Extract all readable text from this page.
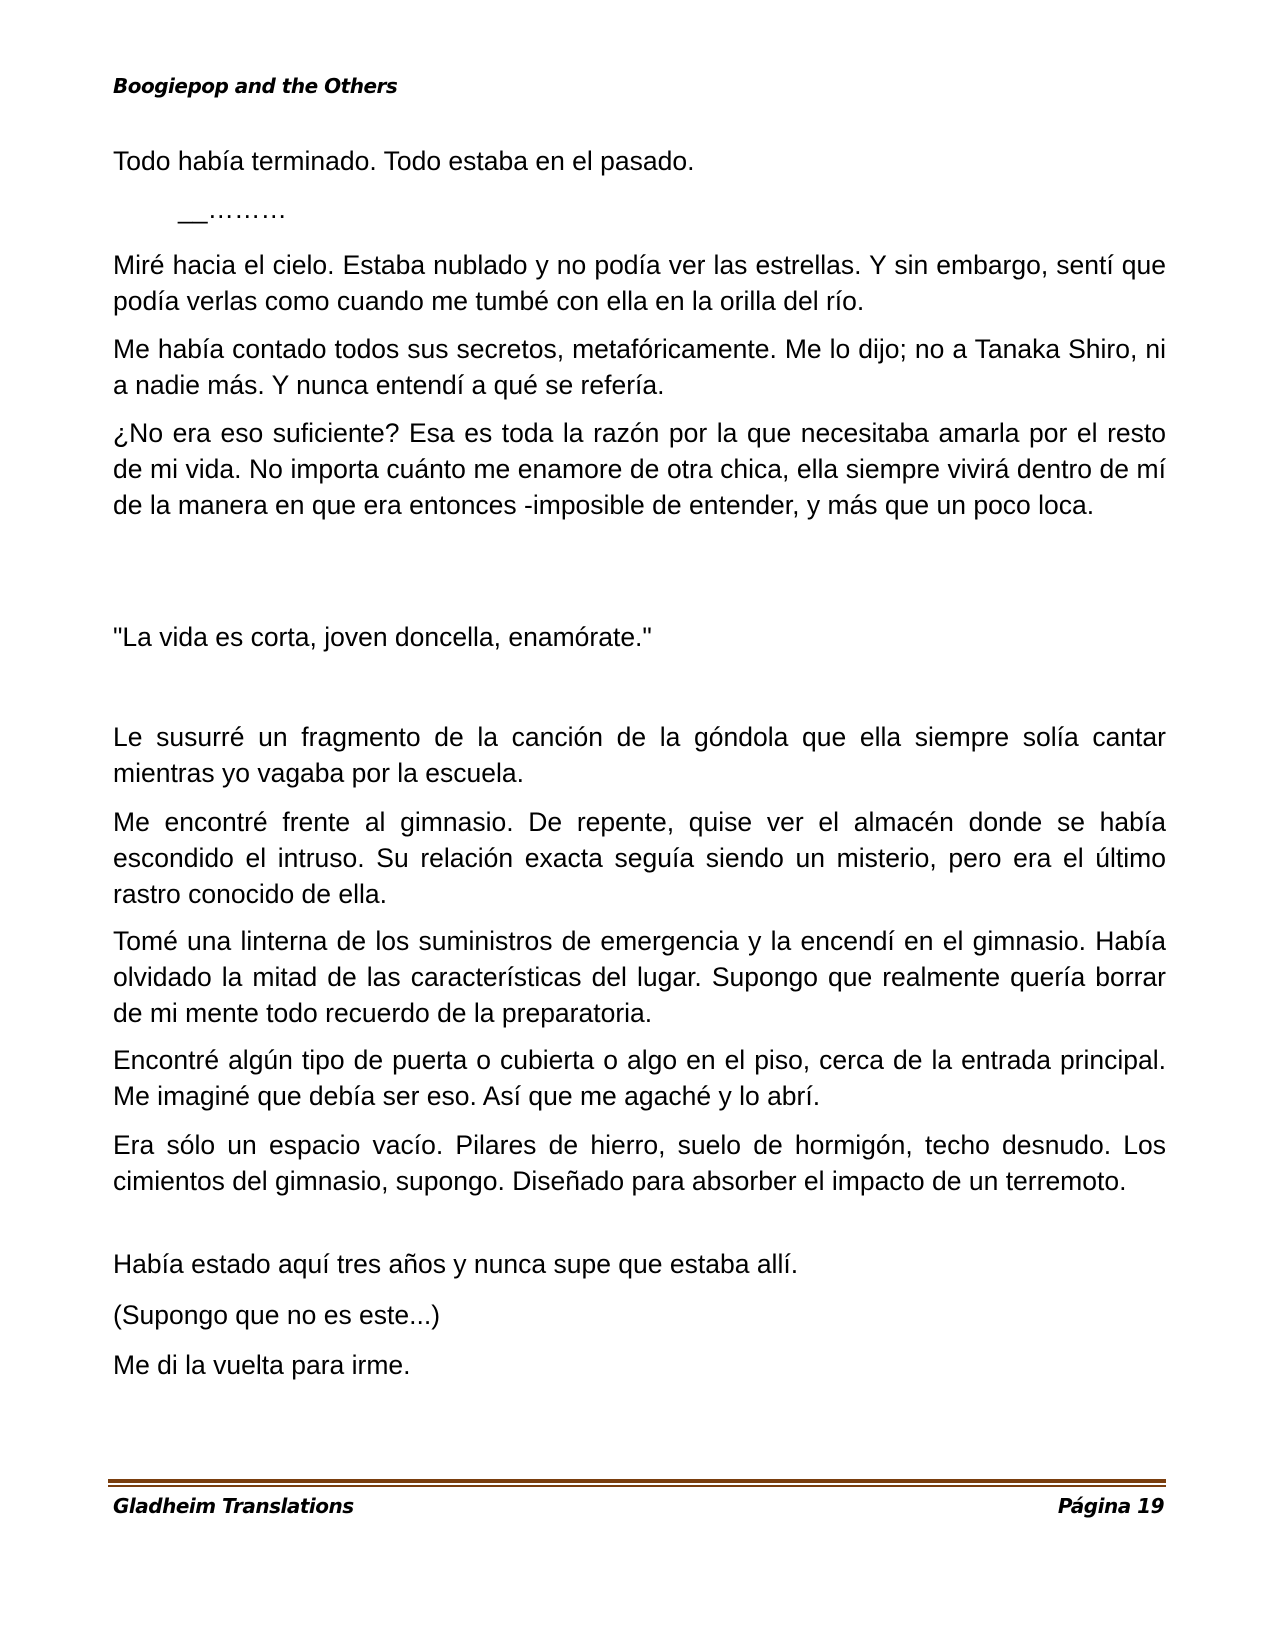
Boogiepop and the Others
Todo había terminado. Todo estaba en el pasado.
__………
Miré hacia el cielo. Estaba nublado y no podía ver las estrellas. Y sin embargo, sentí que podía verlas como cuando me tumbé con ella en la orilla del río.
Me había contado todos sus secretos, metafóricamente. Me lo dijo; no a Tanaka Shiro, ni a nadie más. Y nunca entendí a qué se refería.
¿No era eso suficiente? Esa es toda la razón por la que necesitaba amarla por el resto de mi vida. No importa cuánto me enamore de otra chica, ella siempre vivirá dentro de mí de la manera en que era entonces -imposible de entender, y más que un poco loca.
"La vida es corta, joven doncella, enamórate."
Le susurré un fragmento de la canción de la góndola que ella siempre solía cantar mientras yo vagaba por la escuela.
Me encontré frente al gimnasio. De repente, quise ver el almacén donde se había escondido el intruso. Su relación exacta seguía siendo un misterio, pero era el último rastro conocido de ella.
Tomé una linterna de los suministros de emergencia y la encendí en el gimnasio. Había olvidado la mitad de las características del lugar. Supongo que realmente quería borrar de mi mente todo recuerdo de la preparatoria.
Encontré algún tipo de puerta o cubierta o algo en el piso, cerca de la entrada principal. Me imaginé que debía ser eso. Así que me agaché y lo abrí.
Era sólo un espacio vacío. Pilares de hierro, suelo de hormigón, techo desnudo. Los cimientos del gimnasio, supongo. Diseñado para absorber el impacto de un terremoto.
Había estado aquí tres años y nunca supe que estaba allí.
(Supongo que no es este...)
Me di la vuelta para irme.
Gladheim Translations	Página 19
